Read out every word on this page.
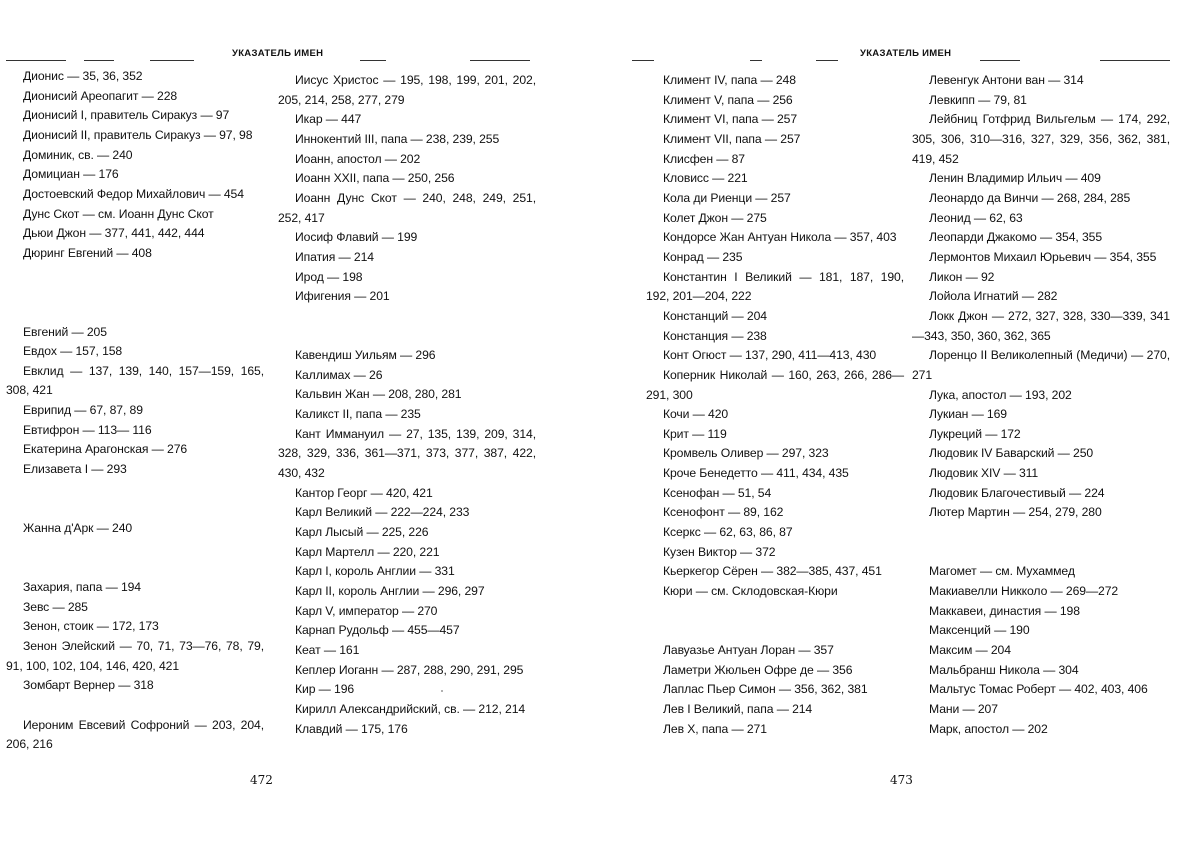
УКАЗАТЕЛЬ ИМЕН
Дионис — 35, 36, 352
Дионисий Ареопагит — 228
Дионисий I, правитель Сиракуз — 97
Дионисий II, правитель Сиракуз — 97, 98
Доминик, св. — 240
Домициан — 176
Достоевский Федор Михайлович — 454
Дунс Скот — см. Иоанн Дунс Скот
Дьюи Джон — 377, 441, 442, 444
Дюринг Евгений — 408
Евгений — 205
Евдох — 157, 158
Евклид — 137, 139, 140, 157—159, 165, 308, 421
Еврипид — 67, 87, 89
Евтифрон — 113— 116
Екатерина Арагонская — 276
Елизавета I — 293
Жанна д'Арк — 240
Захария, папа — 194
Зевс — 285
Зенон, стоик — 172, 173
Зенон Элейский — 70, 71, 73—76, 78, 79, 91, 100, 102, 104, 146, 420, 421
Зомбарт Вернер — 318
Иероним Евсевий Софроний — 203, 204, 206, 216
Иисус Христос — 195, 198, 199, 201, 202, 205, 214, 258, 277, 279
Икар — 447
Иннокентий III, папа — 238, 239, 255
Иоанн, апостол — 202
Иоанн XXII, папа — 250, 256
Иоанн Дунс Скот — 240, 248, 249, 251, 252, 417
Иосиф Флавий — 199
Ипатия — 214
Ирод — 198
Ифигения — 201
Кавендиш Уильям — 296
Каллимах — 26
Кальвин Жан — 208, 280, 281
Каликст II, папа — 235
Кант Иммануил — 27, 135, 139, 209, 314, 328, 329, 336, 361—371, 373, 377, 387, 422, 430, 432
Кантор Георг — 420, 421
Карл Великий — 222—224, 233
Карл Лысый — 225, 226
Карл Мартелл — 220, 221
Карл I, король Англии — 331
Карл II, король Англии — 296, 297
Карл V, император — 270
Карнап Рудольф — 455—457
Кеат — 161
Кеплер Иоганн — 287, 288, 290, 291, 295
Кир — 196
Кирилл Александрийский, св. — 212, 214
Клавдий — 175, 176
472
УКАЗАТЕЛЬ ИМЕН
Климент IV, папа — 248
Климент V, папа — 256
Климент VI, папа — 257
Климент VII, папа — 257
Клисфен — 87
Кловисс — 221
Кола ди Риенци — 257
Колет Джон — 275
Кондорсе Жан Антуан Никола — 357, 403
Конрад — 235
Константин I Великий — 181, 187, 190, 192, 201—204, 222
Констанций — 204
Констанция — 238
Конт Огюст — 137, 290, 411—413, 430
Коперник Николай — 160, 263, 266, 286—291, 300
Кочи — 420
Крит — 119
Кромвель Оливер — 297, 323
Кроче Бенедетто — 411, 434, 435
Ксенофан — 51, 54
Ксенофонт — 89, 162
Ксеркс — 62, 63, 86, 87
Кузен Виктор — 372
Кьеркегор Сёрен — 382—385, 437, 451
Кюри — см. Склодовская-Кюри
Лавуазье Антуан Лоран — 357
Ламетри Жюльен Офре де — 356
Лаплас Пьер Симон — 356, 362, 381
Лев I Великий, папа — 214
Лев X, папа — 271
Левенгук Антони ван — 314
Левкипп — 79, 81
Лейбниц Готфрид Вильгельм — 174, 292, 305, 306, 310—316, 327, 329, 356, 362, 381, 419, 452
Ленин Владимир Ильич — 409
Леонардо да Винчи — 268, 284, 285
Леонид — 62, 63
Леопарди Джакомо — 354, 355
Лермонтов Михаил Юрьевич — 354, 355
Ликон — 92
Лойола Игнатий — 282
Локк Джон — 272, 327, 328, 330—339, 341—343, 350, 360, 362, 365
Лоренцо II Великолепный (Медичи) — 270, 271
Лука, апостол — 193, 202
Лукиан — 169
Лукреций — 172
Людовик IV Баварский — 250
Людовик XIV — 311
Людовик Благочестивый — 224
Лютер Мартин — 254, 279, 280
Магомет — см. Мухаммед
Макиавелли Никколо — 269—272
Маккавеи, династия — 198
Максенций — 190
Максим — 204
Мальбранш Никола — 304
Мальтус Томас Роберт — 402, 403, 406
Мани — 207
Марк, апостол — 202
473
